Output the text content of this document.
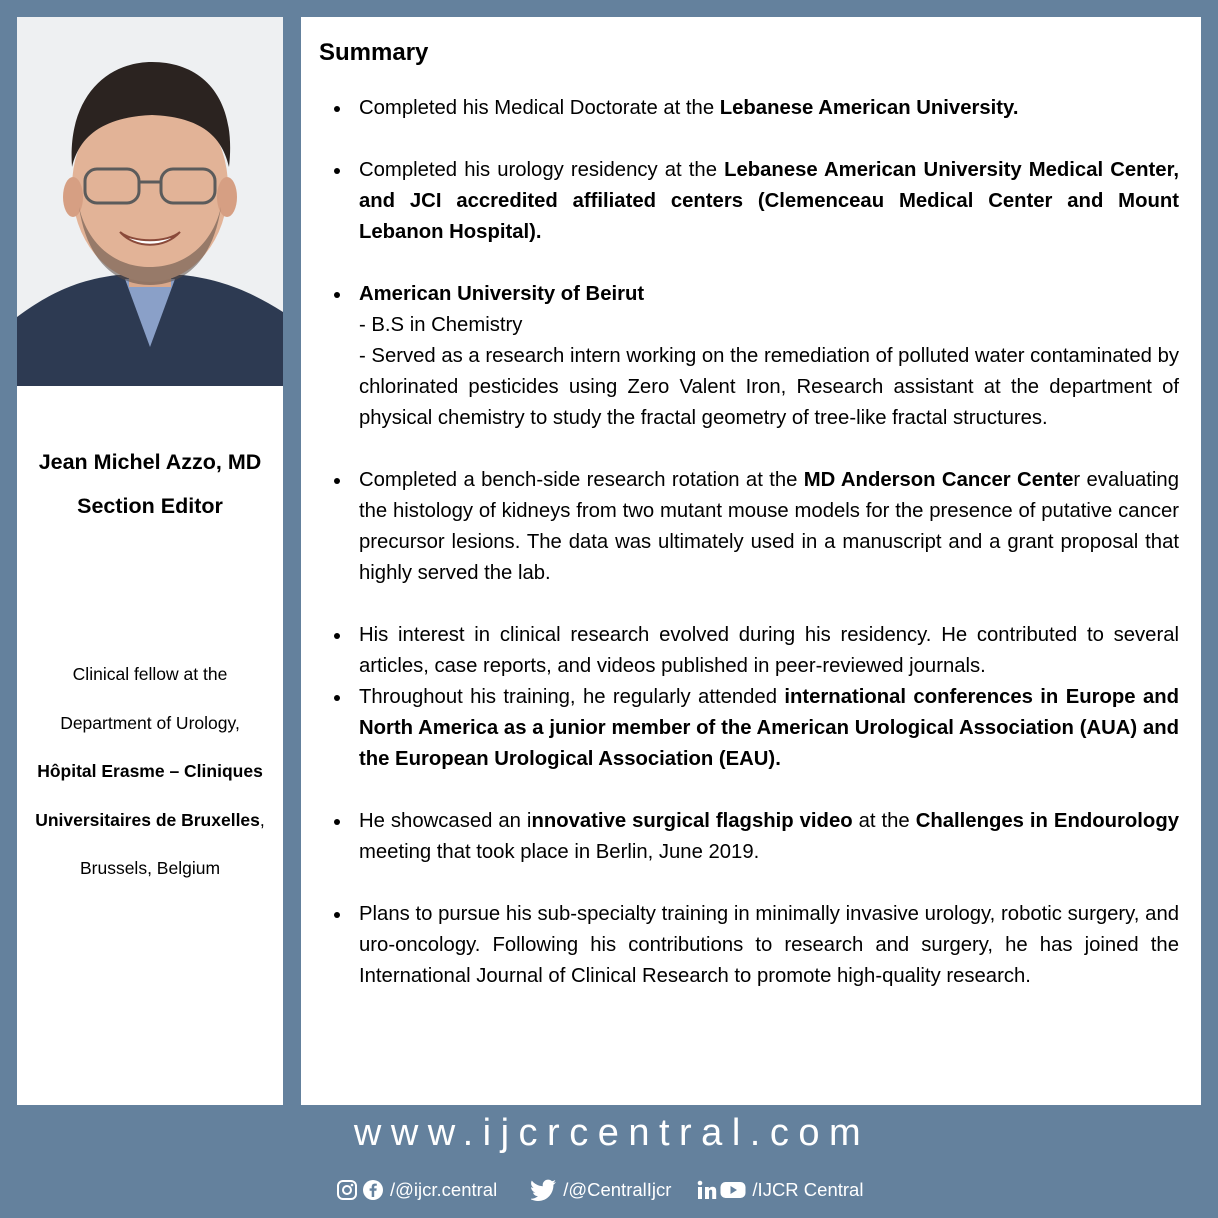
Jean Michel Azzo, MD
Section Editor
Clinical fellow at the
Department of Urology,
Hôpital Erasme – Cliniques
Universitaires de Bruxelles,
Brussels, Belgium
Summary
Completed his Medical Doctorate at the Lebanese American University.
Completed his urology residency at the Lebanese American University Medical Center, and JCI accredited affiliated centers (Clemenceau Medical Center and Mount Lebanon Hospital).
American University of Beirut
- B.S in Chemistry
- Served as a research intern working on the remediation of polluted water contaminated by chlorinated pesticides using Zero Valent Iron, Research assistant at the department of physical chemistry to study the fractal geometry of tree-like fractal structures.
Completed a bench-side research rotation at the MD Anderson Cancer Center evaluating the histology of kidneys from two mutant mouse models for the presence of putative cancer precursor lesions. The data was ultimately used in a manuscript and a grant proposal that highly served the lab.
His interest in clinical research evolved during his residency. He contributed to several articles, case reports, and videos published in peer-reviewed journals.
Throughout his training, he regularly attended international conferences in Europe and North America as a junior member of the American Urological Association (AUA) and the European Urological Association (EAU).
He showcased an innovative surgical flagship video at the Challenges in Endourology meeting that took place in Berlin, June 2019.
Plans to pursue his sub-specialty training in minimally invasive urology, robotic surgery, and uro-oncology. Following his contributions to research and surgery, he has joined the International Journal of Clinical Research to promote high-quality research.
www.ijcrcentral.com
/@ijcr.central	/@CentralIjcr	/IJCR Central
